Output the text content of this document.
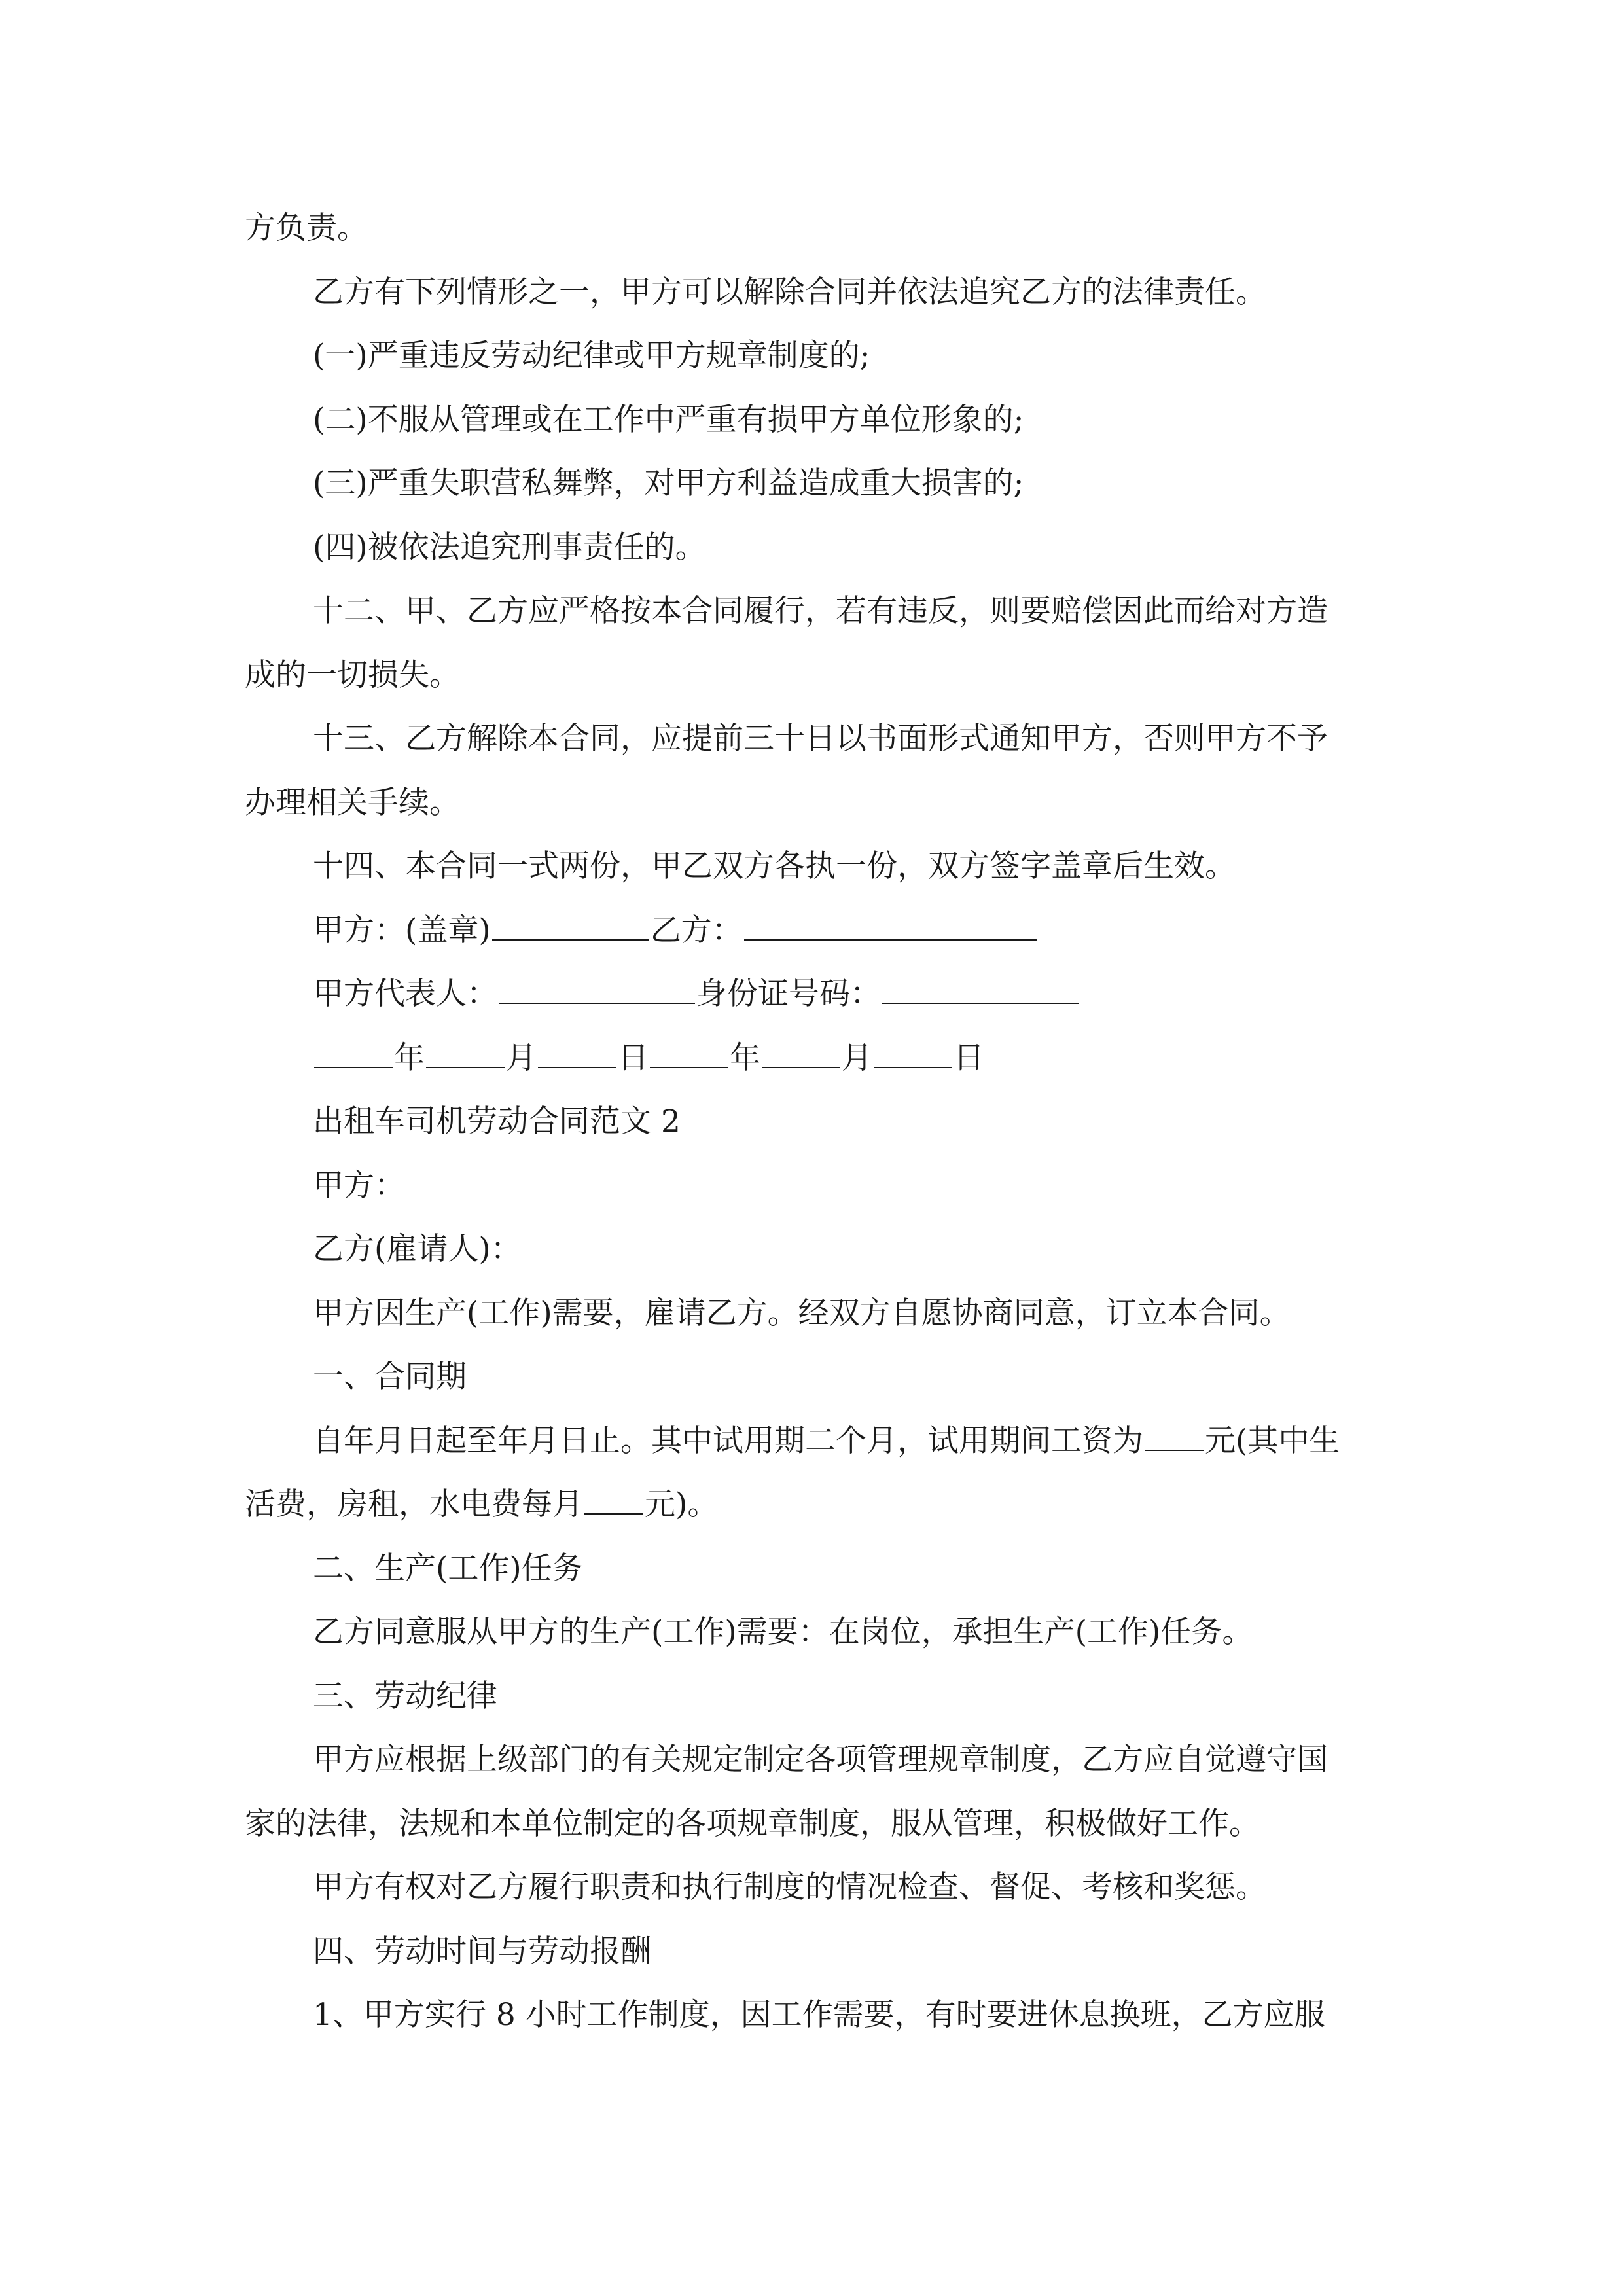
方负责。
乙方有下列情形之一，甲方可以解除合同并依法追究乙方的法律责任。
(一)严重违反劳动纪律或甲方规章制度的;
(二)不服从管理或在工作中严重有损甲方单位形象的;
(三)严重失职营私舞弊，对甲方利益造成重大损害的;
(四)被依法追究刑事责任的。
十二、甲、乙方应严格按本合同履行，若有违反，则要赔偿因此而给对方造
成的一切损失。
十三、乙方解除本合同，应提前三十日以书面形式通知甲方，否则甲方不予
办理相关手续。
十四、本合同一式两份，甲乙双方各执一份，双方签字盖章后生效。
甲方：(盖章)	乙方：
甲方代表人：	身份证号码：
年	月	日	年	月	日
出租车司机劳动合同范文 2
甲方：
乙方(雇请人)：
甲方因生产(工作)需要，雇请乙方。经双方自愿协商同意，订立本合同。
一、合同期
自年月日起至年月日止。其中试用期二个月，试用期间工资为 元(其中生
活费，房租，水电费每月 元)。
二、生产(工作)任务
乙方同意服从甲方的生产(工作)需要：在岗位，承担生产(工作)任务。
三、劳动纪律
甲方应根据上级部门的有关规定制定各项管理规章制度，乙方应自觉遵守国
家的法律，法规和本单位制定的各项规章制度，服从管理，积极做好工作。
甲方有权对乙方履行职责和执行制度的情况检查、督促、考核和奖惩。
四、劳动时间与劳动报酬
1、甲方实行 8 小时工作制度，因工作需要，有时要进休息换班，乙方应服
